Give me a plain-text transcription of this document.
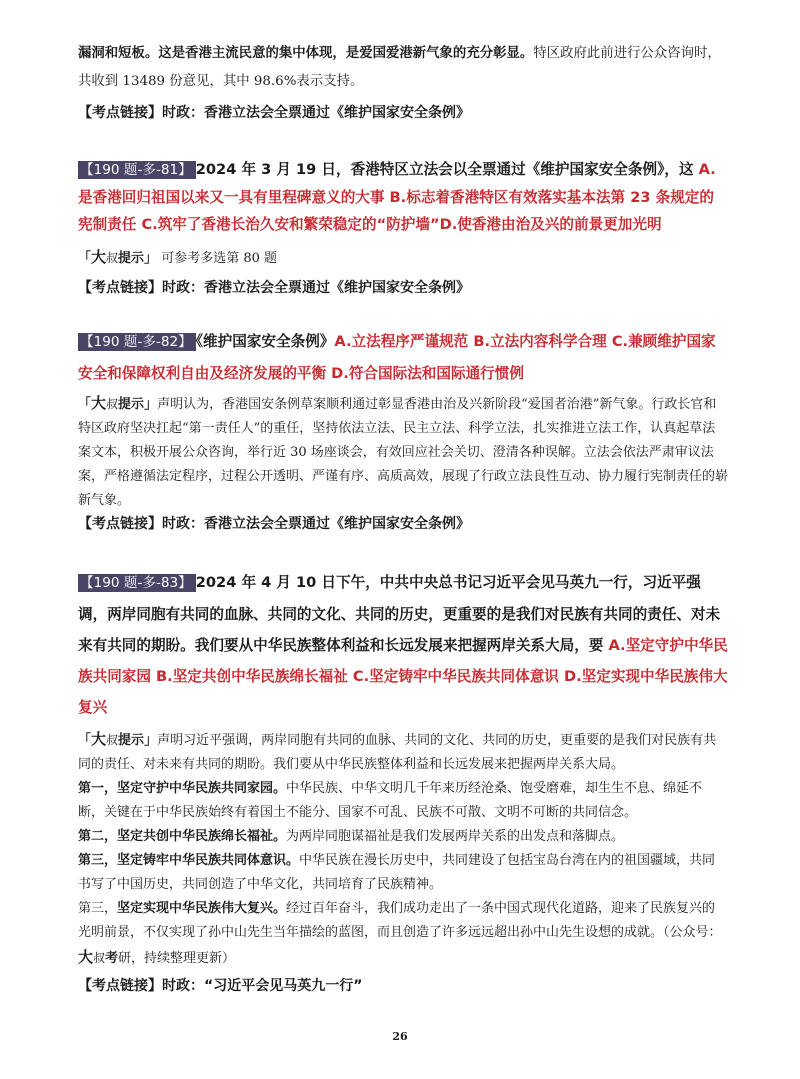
漏洞和短板。这是香港主流民意的集中体现，是爱国爱港新气象的充分彰显。特区政府此前进行公众咨询时，共收到 13489 份意见，其中 98.6%表示支持。

【考点链接】时政：香港立法会全票通过《维护国家安全条例》

【190 题-多-81】 2024 年 3 月 19 日，香港特区立法会以全票通过《维护国家安全条例》，这 A.是香港回归祖国以来又一具有里程碑意义的大事 B.标志着香港特区有效落实基本法第 23 条规定的宪制责任 C.筑牢了香港长治久安和繁荣稳定的“防护墙”D.使香港由治及兴的前景更加光明

「大叔提示」 可参考多选第 80 题

【考点链接】时政：香港立法会全票通过《维护国家安全条例》

【190 题-多-82】 《维护国家安全条例》A.立法程序严谨规范 B.立法内容科学合理 C.兼顾维护国家安全和保障权利自由及经济发展的平衡 D.符合国际法和国际通行惯例

「大叔提示」声明认为，香港国安条例草案顺利通过彰显香港由治及兴新阶段“爱国者治港”新气象。行政长官和特区政府坚决扛起“第一责任人”的重任，坚持依法立法、民主立法、科学立法，扎实推进立法工作，认真起草法案文本，积极开展公众咨询，举行近 30 场座谈会，有效回应社会关切、澄清各种误解。立法会依法严肃审议法案，严格遵循法定程序，过程公开透明、严谨有序、高质高效，展现了行政立法良性互动、协力履行宪制责任的崭新气象。

【考点链接】时政：香港立法会全票通过《维护国家安全条例》

【190 题-多-83】 2024 年 4 月 10 日下午，中共中央总书记习近平会见马英九一行，习近平强调，两岸同胞有共同的血脉、共同的文化、共同的历史，更重要的是我们对民族有共同的责任、对未来有共同的期盼。我们要从中华民族整体利益和长远发展来把握两岸关系大局，要 A.坚定守护中华民族共同家园 B.坚定共创中华民族绵长福祉 C.坚定铸牢中华民族共同体意识 D.坚定实现中华民族伟大复兴

「大叔提示」声明习近平强调，两岸同胞有共同的血脉、共同的文化、共同的历史，更重要的是我们对民族有共同的责任、对未来有共同的期盼。我们要从中华民族整体利益和长远发展来把握两岸关系大局。

第一，坚定守护中华民族共同家园。中华民族、中华文明几千年来历经沧桑、饱受磨难，却生生不息、绵延不断，关键在于中华民族始终有着国土不能分、国家不可乱、民族不可散、文明不可断的共同信念。

第二，坚定共创中华民族绵长福祉。为两岸同胞谋福祉是我们发展两岸关系的出发点和落脚点。

第三，坚定铸牢中华民族共同体意识。中华民族在漫长历史中，共同建设了包括宝岛台湾在内的祖国疆域，共同书写了中国历史，共同创造了中华文化，共同培育了民族精神。

第三，坚定实现中华民族伟大复兴。经过百年奋斗，我们成功走出了一条中国式现代化道路，迎来了民族复兴的光明前景，不仅实现了孙中山先生当年描绘的蓝图，而且创造了许多远远超出孙中山先生设想的成就。（公众号：大叔考研，持续整理更新）

【考点链接】时政：“习近平会见马英九一行”

26
